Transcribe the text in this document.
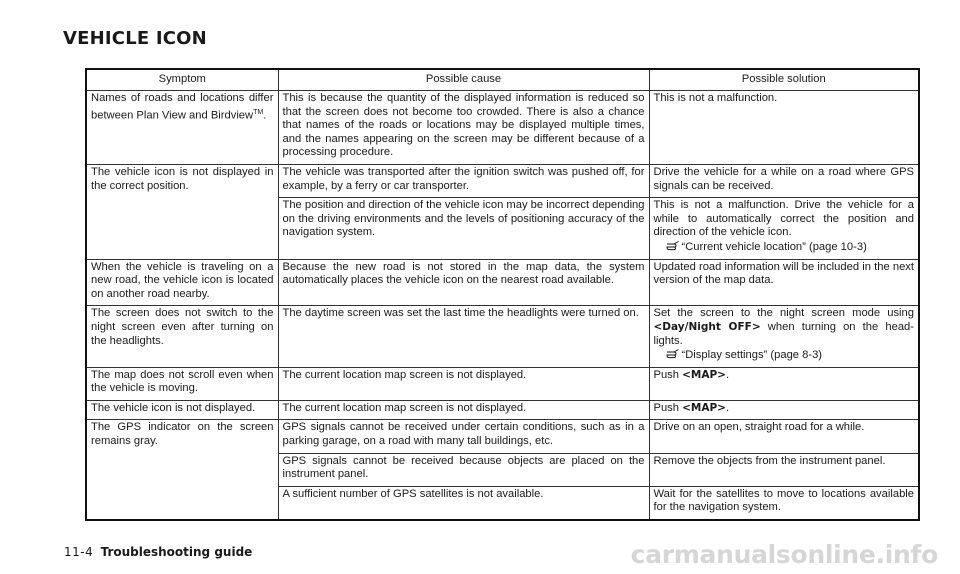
VEHICLE ICON
Symptom	Possible cause	Possible solution
Names of roads and locations differ between Plan View and Birdview™.	This is because the quantity of the displayed information is reduced so that the screen does not become too crowded. There is also a chance that names of the roads or locations may be displayed multiple times, and the names appearing on the screen may be different because of a processing procedure.	This is not a malfunction.
The vehicle icon is not displayed in the correct position.	The vehicle was transported after the ignition switch was pushed off, for example, by a ferry or car transporter.	Drive the vehicle for a while on a road where GPS signals can be received.
	The position and direction of the vehicle icon may be incorrect depending on the driving environments and the levels of positioning accuracy of the navigation system.	This is not a malfunction. Drive the vehicle for a while to automatically correct the position and direction of the vehicle icon.
“Current vehicle location” (page 10-3)

When the vehicle is traveling on a new road, the vehicle icon is located on another road nearby.	Because the new road is not stored in the map data, the system automatically places the vehicle icon on the nearest road available.	Updated road information will be included in the next version of the map data.
The screen does not switch to the night screen even after turning on the headlights.	The daytime screen was set the last time the headlights were turned on.	Set the screen to the night screen mode using <Day/Night OFF> when turning on the head-lights.
“Display settings” (page 8-3)

The map does not scroll even when the vehicle is moving.	The current location map screen is not displayed.	Push <MAP>.
The vehicle icon is not displayed.	The current location map screen is not displayed.	Push <MAP>.
The GPS indicator on the screen remains gray.	GPS signals cannot be received under certain conditions, such as in a parking garage, on a road with many tall buildings, etc.	Drive on an open, straight road for a while.
	GPS signals cannot be received because objects are placed on the instrument panel.	Remove the objects from the instrument panel.
	A sufficient number of GPS satellites is not available.	Wait for the satellites to move to locations available for the navigation system.
11-4 Troubleshooting guide	carmanualsonline.info
